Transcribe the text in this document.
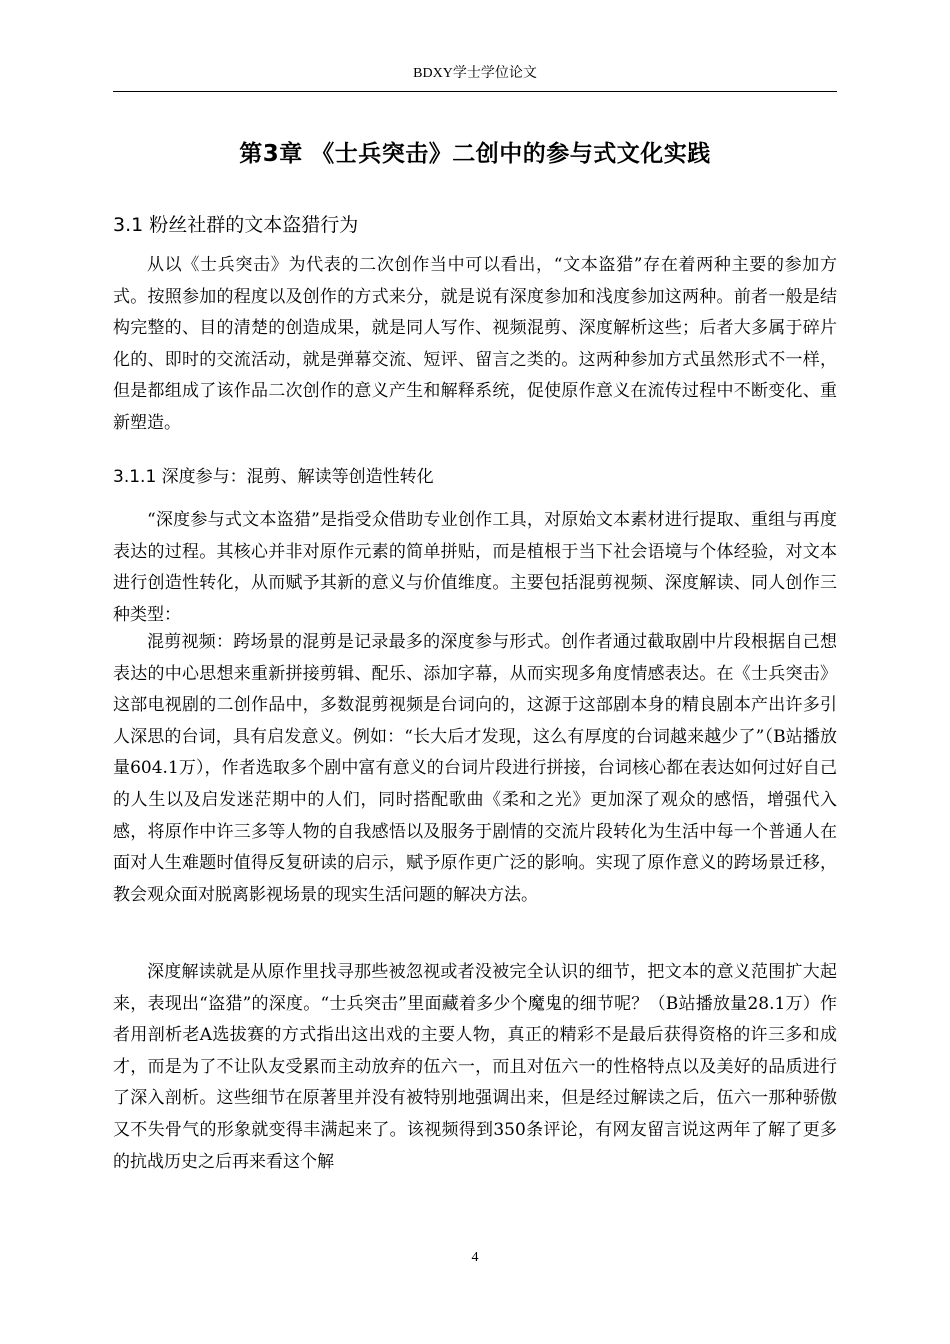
BDXY学士学位论文
第3章 《士兵突击》二创中的参与式文化实践
3.1 粉丝社群的文本盗猎行为

从以《士兵突击》为代表的二次创作当中可以看出，“文本盗猎”存在着两种主要的参加方式。按照参加的程度以及创作的方式来分，就是说有深度参加和浅度参加这两种。前者一般是结构完整的、目的清楚的创造成果，就是同人写作、视频混剪、深度解析这些；后者大多属于碎片化的、即时的交流活动，就是弹幕交流、短评、留言之类的。这两种参加方式虽然形式不一样，但是都组成了该作品二次创作的意义产生和解释系统，促使原作意义在流传过程中不断变化、重新塑造。

3.1.1 深度参与：混剪、解读等创造性转化

“深度参与式文本盗猎”是指受众借助专业创作工具，对原始文本素材进行提取、重组与再度表达的过程。其核心并非对原作元素的简单拼贴，而是植根于当下社会语境与个体经验，对文本进行创造性转化，从而赋予其新的意义与价值维度。主要包括混剪视频、深度解读、同人创作三种类型：

混剪视频：跨场景的混剪是记录最多的深度参与形式。创作者通过截取剧中片段根据自己想表达的中心思想来重新拼接剪辑、配乐、添加字幕，从而实现多角度情感表达。在《士兵突击》这部电视剧的二创作品中，多数混剪视频是台词向的，这源于这部剧本身的精良剧本产出许多引人深思的台词，具有启发意义。例如：“长大后才发现，这么有厚度的台词越来越少了”（B站播放量604.1万），作者选取多个剧中富有意义的台词片段进行拼接，台词核心都在表达如何过好自己的人生以及启发迷茫期中的人们，同时搭配歌曲《柔和之光》更加深了观众的感悟，增强代入感，将原作中许三多等人物的自我感悟以及服务于剧情的交流片段转化为生活中每一个普通人在面对人生难题时值得反复研读的启示，赋予原作更广泛的影响。实现了原作意义的跨场景迁移，教会观众面对脱离影视场景的现实生活问题的解决方法。

深度解读就是从原作里找寻那些被忽视或者没被完全认识的细节，把文本的意义范围扩大起来，表现出“盗猎”的深度。“士兵突击”里面藏着多少个魔鬼的细节呢？（B站播放量28.1万）作者用剖析老A选拔赛的方式指出这出戏的主要人物，真正的精彩不是最后获得资格的许三多和成才，而是为了不让队友受累而主动放弃的伍六一，而且对伍六一的性格特点以及美好的品质进行了深入剖析。这些细节在原著里并没有被特别地强调出来，但是经过解读之后，伍六一那种骄傲又不失骨气的形象就变得丰满起来了。该视频得到350条评论，有网友留言说这两年了解了更多的抗战历史之后再来看这个解

4
